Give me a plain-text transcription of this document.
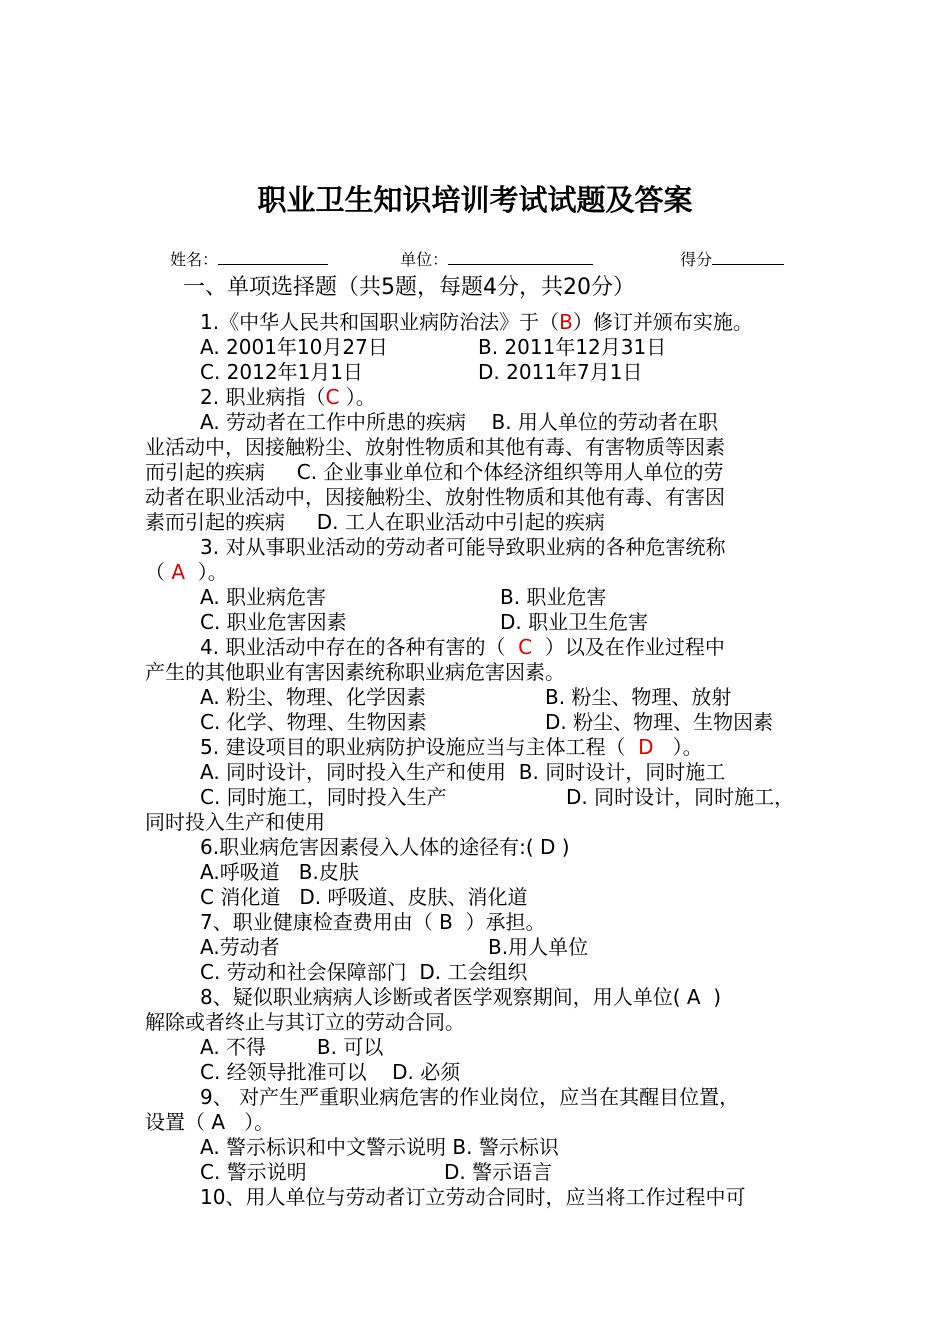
职业卫生知识培训考试试题及答案

姓名：	单位：	得分

一、单项选择题（共5题，每题4分，共20分）
1.《中华人民共和国职业病防治法》于（B）修订并颁布实施。
A. 2001年10月27日	B. 2011年12月31日
C. 2012年1月1日	D. 2011年7月1日
2. 职业病指（C ）。
A. 劳动者在工作中所患的疾病    B. 用人单位的劳动者在职
业活动中，因接触粉尘、放射性物质和其他有毒、有害物质等因素
而引起的疾病     C. 企业事业单位和个体经济组织等用人单位的劳
动者在职业活动中，因接触粉尘、放射性物质和其他有毒、有害因
素而引起的疾病     D. 工人在职业活动中引起的疾病
3. 对从事职业活动的劳动者可能导致职业病的各种危害统称
（ A  ）。
A. 职业病危害	B. 职业危害
C. 职业危害因素	D. 职业卫生危害
4. 职业活动中存在的各种有害的（  C  ）以及在作业过程中
产生的其他职业有害因素统称职业病危害因素。
A. 粉尘、物理、化学因素	B. 粉尘、物理、放射
C. 化学、物理、生物因素	D. 粉尘、物理、生物因素
5. 建设项目的职业病防护设施应当与主体工程（  D   ）。
A. 同时设计，同时投入生产和使用  B. 同时设计，同时施工
C. 同时施工，同时投入生产	D. 同时设计，同时施工，
同时投入生产和使用
6.职业病危害因素侵入人体的途径有:( D )
A.呼吸道   B.皮肤
C 消化道   D. 呼吸道、皮肤、消化道
7、职业健康检查费用由（ B  ）承担。
A.劳动者	B.用人单位
C. 劳动和社会保障部门  D. 工会组织
8、疑似职业病病人诊断或者医学观察期间，用人单位( A  )
解除或者终止与其订立的劳动合同。
A. 不得        B. 可以
C. 经领导批准可以    D. 必须
9、 对产生严重职业病危害的作业岗位，应当在其醒目位置，
设置（ A   ）。
A. 警示标识和中文警示说明 B. 警示标识
C. 警示说明	D. 警示语言
10、用人单位与劳动者订立劳动合同时，应当将工作过程中可
